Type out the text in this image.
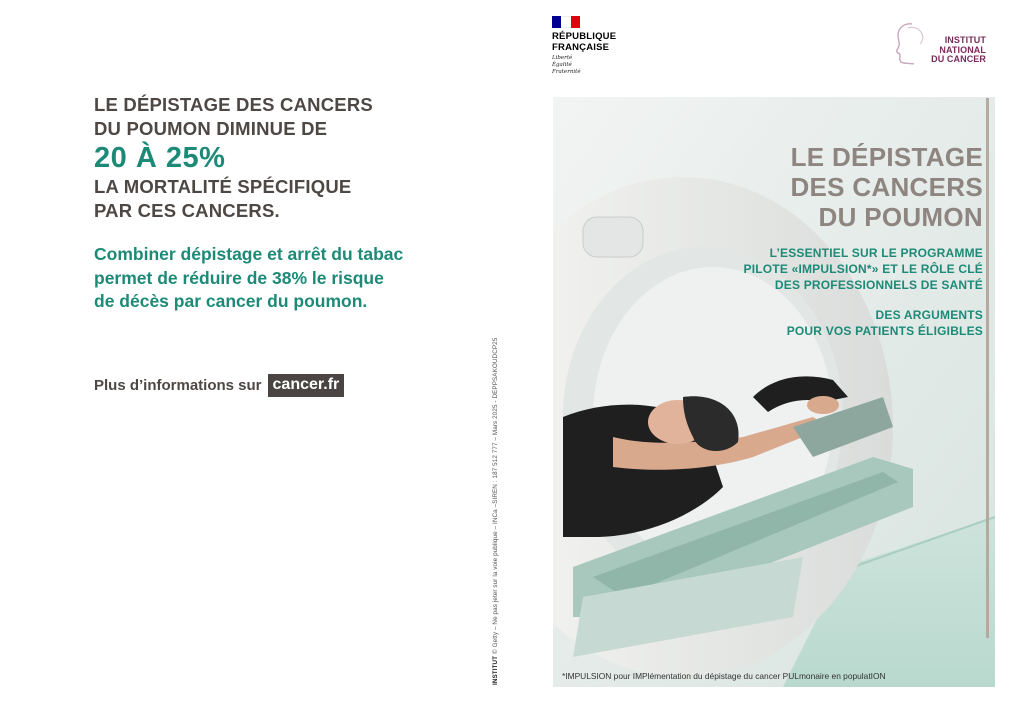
LE DÉPISTAGE DES CANCERS
DU POUMON DIMINUE DE
20 À 25%
LA MORTALITÉ SPÉCIFIQUE
PAR CES CANCERS.
Combiner dépistage et arrêt du tabac
permet de réduire de 38% le risque
de décès par cancer du poumon.
Plus d’informations sur cancer.fr
INSTITUT © Getty – Ne pas jeter sur la voie publique – INCa –SIREN : 187 512 777 – Mars 2025 - DEPPSAKOUDCP25
RÉPUBLIQUE
FRANÇAISE
Liberté
Égalité
Fraternité
INSTITUT
NATIONAL
DU CANCER
LE DÉPISTAGE
DES CANCERS
DU POUMON
L’ESSENTIEL SUR LE PROGRAMME
PILOTE «IMPULSION*» ET LE RÔLE CLÉ
DES PROFESSIONNELS DE SANTÉ
DES ARGUMENTS
POUR VOS PATIENTS ÉLIGIBLES
*IMPULSION pour IMPlémentation du dépistage du cancer PULmonaire en populatION
